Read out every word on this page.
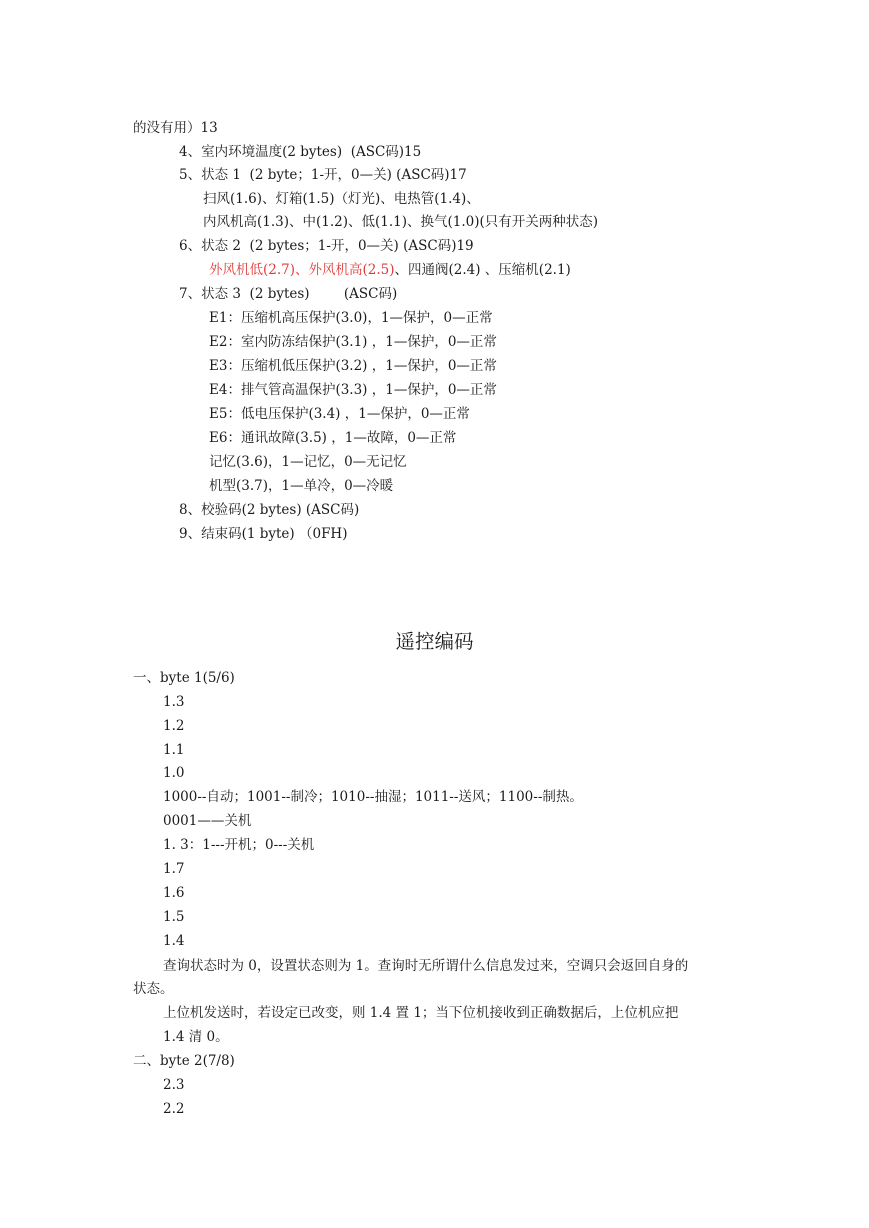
的没有用）13
4、室内环境温度(2 bytes)  (ASC码)15
5、状态 1  (2 byte；1-开，0—关) (ASC码)17
扫风(1.6)、灯箱(1.5)（灯光)、电热管(1.4)、
内风机高(1.3)、中(1.2)、低(1.1)、换气(1.0)(只有开关两种状态)
6、状态 2  (2 bytes；1-开，0—关) (ASC码)19
外风机低(2.7)、外风机高(2.5)、四通阀(2.4) 、压缩机(2.1)
7、状态 3  (2 bytes)        (ASC码)
E1：压缩机高压保护(3.0)，1—保护，0—正常
E2：室内防冻结保护(3.1) ，1—保护，0—正常
E3：压缩机低压保护(3.2) ，1—保护，0—正常
E4：排气管高温保护(3.3) ，1—保护，0—正常
E5：低电压保护(3.4) ，1—保护，0—正常
E6：通讯故障(3.5) ，1—故障，0—正常
记忆(3.6)，1—记忆，0—无记忆
机型(3.7)，1—单冷，0—冷暖
8、校验码(2 bytes) (ASC码)
9、结束码(1 byte) （0FH)
遥控编码
一、byte 1(5/6)
1.3
1.2
1.1
1.0
1000--自动；1001--制冷；1010--抽湿；1011--送风；1100--制热。
0001——关机
1. 3：1---开机；0---关机
1.7
1.6
1.5
1.4
查询状态时为 0，设置状态则为 1。查询时无所谓什么信息发过来，空调只会返回自身的
状态。
上位机发送时，若设定已改变，则 1.4 置 1；当下位机接收到正确数据后，上位机应把
1.4 清 0。
二、byte 2(7/8)
2.3
2.2
